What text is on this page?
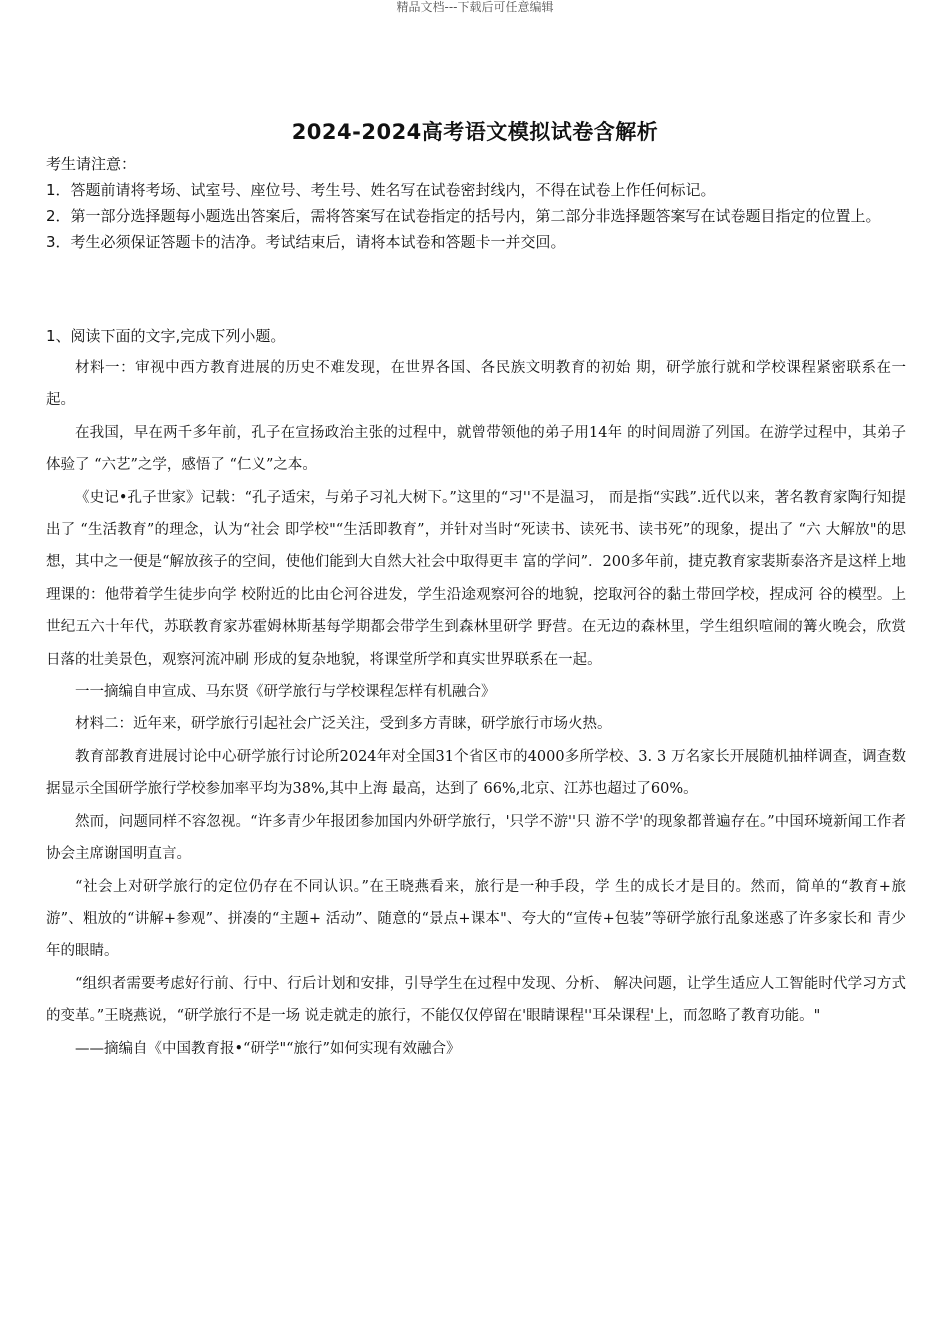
精品文档---下载后可任意编辑
2024-2024高考语文模拟试卷含解析

考生请注意：

1．答题前请将考场、试室号、座位号、考生号、姓名写在试卷密封线内，不得在试卷上作任何标记。

2．第一部分选择题每小题选出答案后，需将答案写在试卷指定的括号内，第二部分非选择题答案写在试卷题目指定的位置上。

3．考生必须保证答题卡的洁净。考试结束后，请将本试卷和答题卡一并交回。

1、阅读下面的文字,完成下列小题。

材料一：审视中西方教育进展的历史不难发现，在世界各国、各民族文明教育的初始 期，研学旅行就和学校课程紧密联系在一起。

在我国，早在两千多年前，孔子在宣扬政治主张的过程中，就曾带领他的弟子用14年 的时间周游了列国。在游学过程中，其弟子体验了 “六艺”之学，感悟了 “仁义”之本。

《史记•孔子世家》记载：“孔子适宋，与弟子习礼大树下。”这里的“习''不是温习， 而是指“实践”.近代以来，著名教育家陶行知提出了 “生活教育”的理念，认为“社会 即学校"“生活即教育”，并针对当时“死读书、读死书、读书死”的现象，提出了 “六 大解放"的思想，其中之一便是“解放孩子的空间，使他们能到大自然大社会中取得更丰 富的学问”．200多年前，捷克教育家裴斯泰洛齐是这样上地理课的：他带着学生徒步向学 校附近的比由仑河谷进发，学生沿途观察河谷的地貌，挖取河谷的黏土带回学校，捏成河 谷的模型。上世纪五六十年代，苏联教育家苏霍姆林斯基每学期都会带学生到森林里研学 野营。在无边的森林里，学生组织喧闹的篝火晚会，欣赏日落的壮美景色，观察河流冲刷 形成的复杂地貌，将课堂所学和真实世界联系在一起。

一一摘编自申宣成、马东贤《研学旅行与学校课程怎样有机融合》

材料二：近年来，研学旅行引起社会广泛关注，受到多方青睐，研学旅行市场火热。

教育部教育进展讨论中心研学旅行讨论所2024年对全国31个省区市的4000多所学校、3. 3 万名家长开展随机抽样调查，调查数据显示全国研学旅行学校参加率平均为38%,其中上海 最高，达到了 66%,北京、江苏也超过了60%。

然而，问题同样不容忽视。“许多青少年报团参加国内外研学旅行，'只学不游''只 游不学'的现象都普遍存在。”中国环境新闻工作者协会主席谢国明直言。

“社会上对研学旅行的定位仍存在不同认识。”在王晓燕看来，旅行是一种手段，学 生的成长才是目的。然而，简单的“教育+旅游”、粗放的“讲解+参观”、拼凑的“主题+ 活动”、随意的“景点+课本"、夸大的“宣传+包装”等研学旅行乱象迷惑了许多家长和 青少年的眼睛。

“组织者需要考虑好行前、行中、行后计划和安排，引导学生在过程中发现、分析、 解决问题，让学生适应人工智能时代学习方式的变革。”王晓燕说，“研学旅行不是一场 说走就走的旅行，不能仅仅停留在'眼睛课程''耳朵课程'上，而忽略了教育功能。"

——摘编自《中国教育报•“研学"“旅行”如何实现有效融合》
